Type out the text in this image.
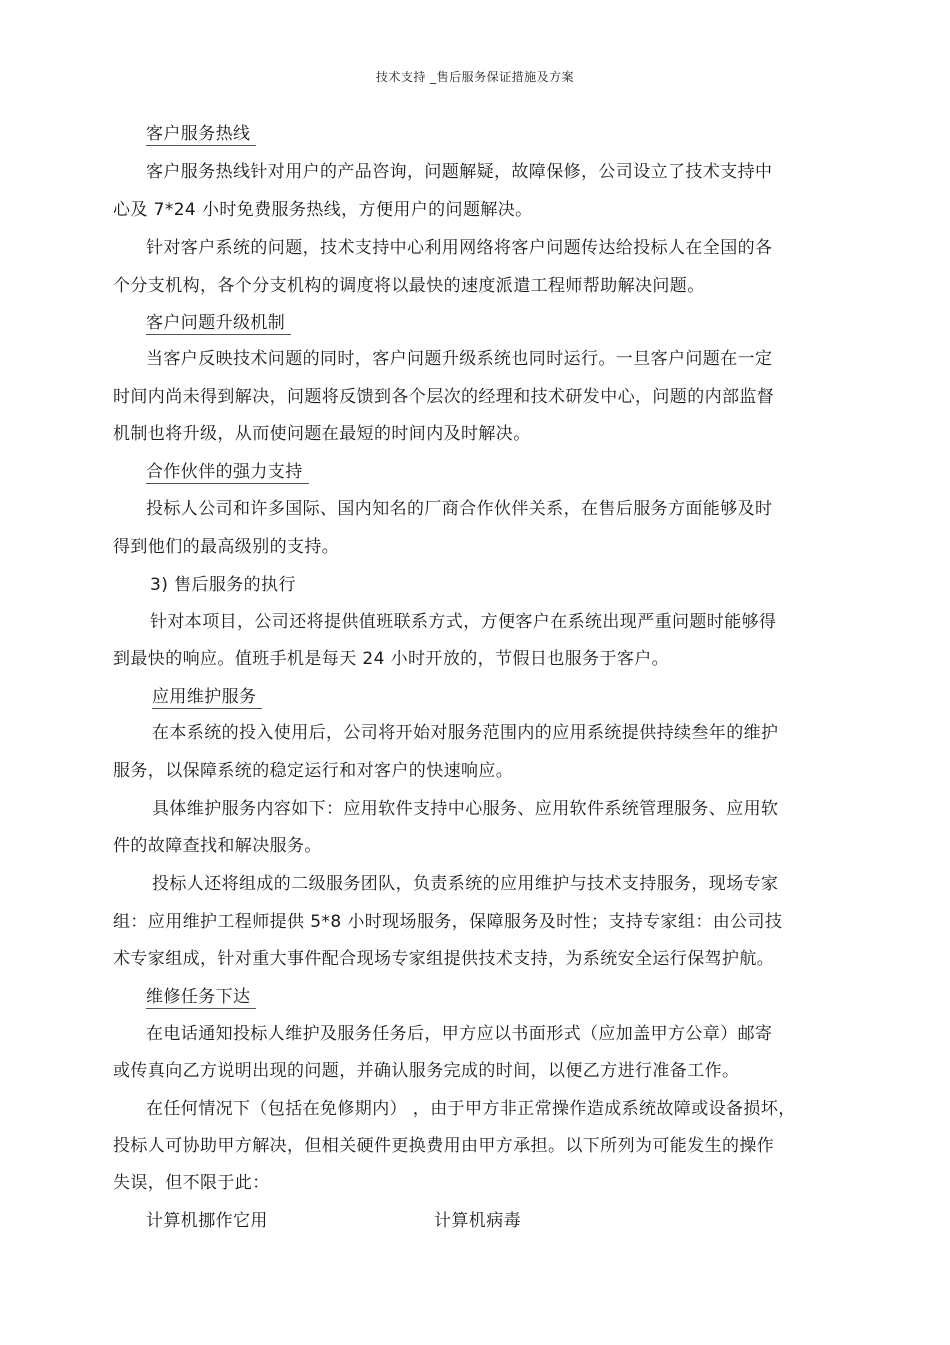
技术支持 _售后服务保证措施及方案
客户服务热线
客户服务热线针对用户的产品咨询，问题解疑，故障保修，公司设立了技术支持中
心及 7*24 小时免费服务热线，方便用户的问题解决。
针对客户系统的问题，技术支持中心利用网络将客户问题传达给投标人在全国的各
个分支机构，各个分支机构的调度将以最快的速度派遣工程师帮助解决问题。
客户问题升级机制
当客户反映技术问题的同时，客户问题升级系统也同时运行。一旦客户问题在一定
时间内尚未得到解决，问题将反馈到各个层次的经理和技术研发中心，问题的内部监督
机制也将升级，从而使问题在最短的时间内及时解决。
合作伙伴的强力支持
投标人公司和许多国际、国内知名的厂商合作伙伴关系，在售后服务方面能够及时
得到他们的最高级别的支持。
3) 售后服务的执行
针对本项目，公司还将提供值班联系方式，方便客户在系统出现严重问题时能够得
到最快的响应。值班手机是每天 24 小时开放的，节假日也服务于客户。
应用维护服务
在本系统的投入使用后，公司将开始对服务范围内的应用系统提供持续叁年的维护
服务，以保障系统的稳定运行和对客户的快速响应。
具体维护服务内容如下：应用软件支持中心服务、应用软件系统管理服务、应用软
件的故障查找和解决服务。
投标人还将组成的二级服务团队，负责系统的应用维护与技术支持服务，现场专家
组：应用维护工程师提供 5*8 小时现场服务，保障服务及时性；支持专家组：由公司技
术专家组成，针对重大事件配合现场专家组提供技术支持，为系统安全运行保驾护航。
维修任务下达
在电话通知投标人维护及服务任务后，甲方应以书面形式（应加盖甲方公章）邮寄
或传真向乙方说明出现的问题，并确认服务完成的时间，以便乙方进行准备工作。
在任何情况下（包括在免修期内） ，由于甲方非正常操作造成系统故障或设备损坏，
投标人可协助甲方解决，但相关硬件更换费用由甲方承担。以下所列为可能发生的操作
失误，但不限于此：
计算机挪作它用	计算机病毒
